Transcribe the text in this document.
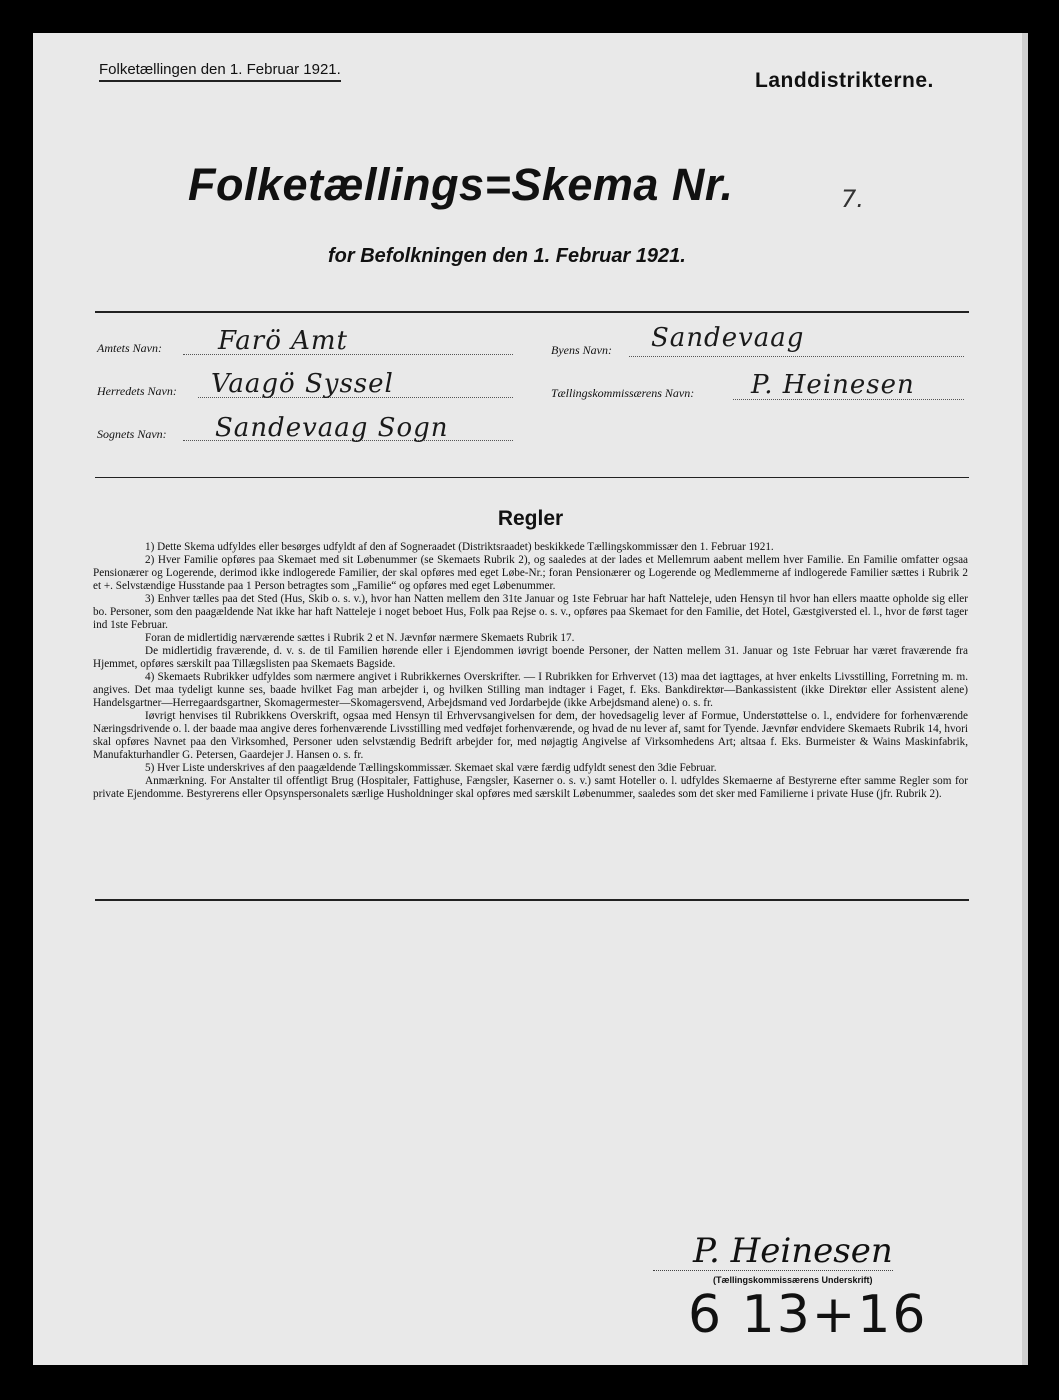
Folketællingen den 1. Februar 1921.	Landdistrikterne.
Folketællings=Skema Nr.	7.
for Befolkningen den 1. Februar 1921.
Amtets Navn: Farö Amt
Herredets Navn: Vaagö Syssel
Sognets Navn: Sandevaag Sogn
Byens Navn: Sandevaag
Tællingskommissærens Navn: P. Heinesen
Regler

1) Dette Skema udfyldes eller besørges udfyldt af den af Sogneraadet (Distriktsraadet) beskikkede Tællingskommissær den 1. Februar 1921.

2) Hver Familie opføres paa Skemaet med sit Løbenummer (se Skemaets Rubrik 2), og saaledes at der lades et Mellemrum aabent mellem hver Familie. En Familie omfatter ogsaa Pensionærer og Logerende, derimod ikke indlogerede Familier, der skal opføres med eget Løbe-Nr.; foran Pensionærer og Logerende og Medlemmerne af indlogerede Familier sættes i Rubrik 2 et +. Selvstændige Husstande paa 1 Person betragtes som „Familie“ og opføres med eget Løbenummer.

3) Enhver tælles paa det Sted (Hus, Skib o. s. v.), hvor han Natten mellem den 31te Januar og 1ste Februar har haft Natteleje, uden Hensyn til hvor han ellers maatte opholde sig eller bo. Personer, som den paagældende Nat ikke har haft Natteleje i noget beboet Hus, Folk paa Rejse o. s. v., opføres paa Skemaet for den Familie, det Hotel, Gæstgiversted el. l., hvor de først tager ind 1ste Februar.

Foran de midlertidig nærværende sættes i Rubrik 2 et N. Jævnfør nærmere Skemaets Rubrik 17.

De midlertidig fraværende, d. v. s. de til Familien hørende eller i Ejendommen iøvrigt boende Personer, der Natten mellem 31. Januar og 1ste Februar har været fraværende fra Hjemmet, opføres særskilt paa Tillægslisten paa Skemaets Bagside.

4) Skemaets Rubrikker udfyldes som nærmere angivet i Rubrikkernes Overskrifter. — I Rubrikken for Erhvervet (13) maa det iagttages, at hver enkelts Livsstilling, Forretning m. m. angives. Det maa tydeligt kunne ses, baade hvilket Fag man arbejder i, og hvilken Stilling man indtager i Faget, f. Eks. Bankdirektør—Bankassistent (ikke Direktør eller Assistent alene) Handelsgartner—Herregaardsgartner, Skomagermester—Skomagersvend, Arbejdsmand ved Jordarbejde (ikke Arbejdsmand alene) o. s. fr.

Iøvrigt henvises til Rubrikkens Overskrift, ogsaa med Hensyn til Erhvervsangivelsen for dem, der hovedsagelig lever af Formue, Understøttelse o. l., endvidere for forhenværende Næringsdrivende o. l. der baade maa angive deres forhenværende Livsstilling med vedføjet forhenværende, og hvad de nu lever af, samt for Tyende. Jævnfør endvidere Skemaets Rubrik 14, hvori skal opføres Navnet paa den Virksomhed, Personer uden selvstændig Bedrift arbejder for, med nøjagtig Angivelse af Virksomhedens Art; altsaa f. Eks. Burmeister & Wains Maskinfabrik, Manufakturhandler G. Petersen, Gaardejer J. Hansen o. s. fr.

5) Hver Liste underskrives af den paagældende Tællingskommissær. Skemaet skal være færdig udfyldt senest den 3die Februar.

Anmærkning. For Anstalter til offentligt Brug (Hospitaler, Fattighuse, Fængsler, Kaserner o. s. v.) samt Hoteller o. l. udfyldes Skemaerne af Bestyrerne efter samme Regler som for private Ejendomme. Bestyrerens eller Opsynspersonalets særlige Husholdninger skal opføres med særskilt Løbenummer, saaledes som det sker med Familierne i private Huse (jfr. Rubrik 2).

P. Heinesen
(Tællingskommissærens Underskrift)
6 13+16
